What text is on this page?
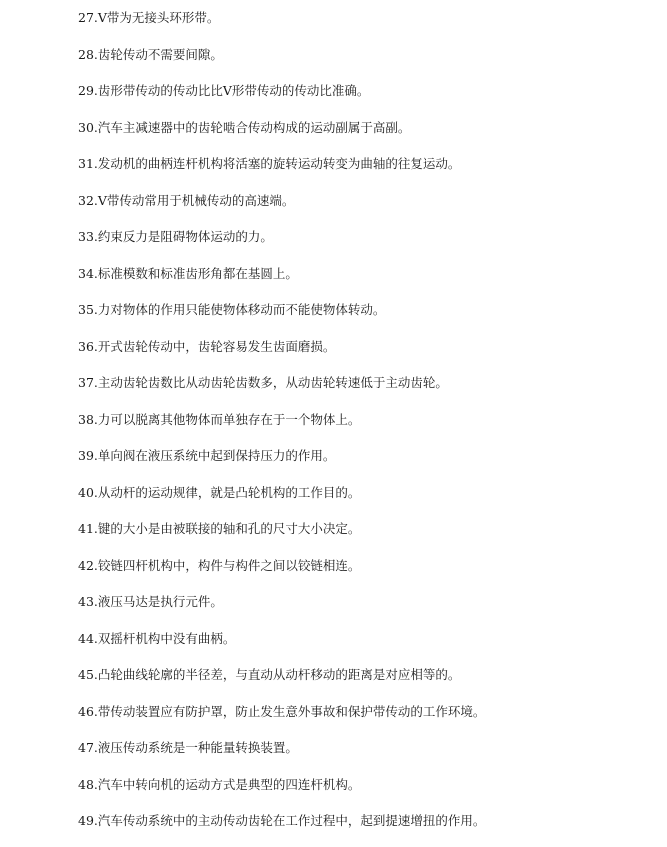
27.V带为无接头环形带。
28.齿轮传动不需要间隙。
29.齿形带传动的传动比比V形带传动的传动比准确。
30.汽车主减速器中的齿轮啮合传动构成的运动副属于高副。
31.发动机的曲柄连杆机构将活塞的旋转运动转变为曲轴的往复运动。
32.V带传动常用于机械传动的高速端。
33.约束反力是阻碍物体运动的力。
34.标准模数和标准齿形角都在基圆上。
35.力对物体的作用只能使物体移动而不能使物体转动。
36.开式齿轮传动中，齿轮容易发生齿面磨损。
37.主动齿轮齿数比从动齿轮齿数多，从动齿轮转速低于主动齿轮。
38.力可以脱离其他物体而单独存在于一个物体上。
39.单向阀在液压系统中起到保持压力的作用。
40.从动杆的运动规律，就是凸轮机构的工作目的。
41.键的大小是由被联接的轴和孔的尺寸大小决定。
42.铰链四杆机构中，构件与构件之间以铰链相连。
43.液压马达是执行元件。
44.双摇杆机构中没有曲柄。
45.凸轮曲线轮廓的半径差，与直动从动杆移动的距离是对应相等的。
46.带传动装置应有防护罩，防止发生意外事故和保护带传动的工作环境。
47.液压传动系统是一种能量转换装置。
48.汽车中转向机的运动方式是典型的四连杆机构。
49.汽车传动系统中的主动传动齿轮在工作过程中，起到提速增扭的作用。
